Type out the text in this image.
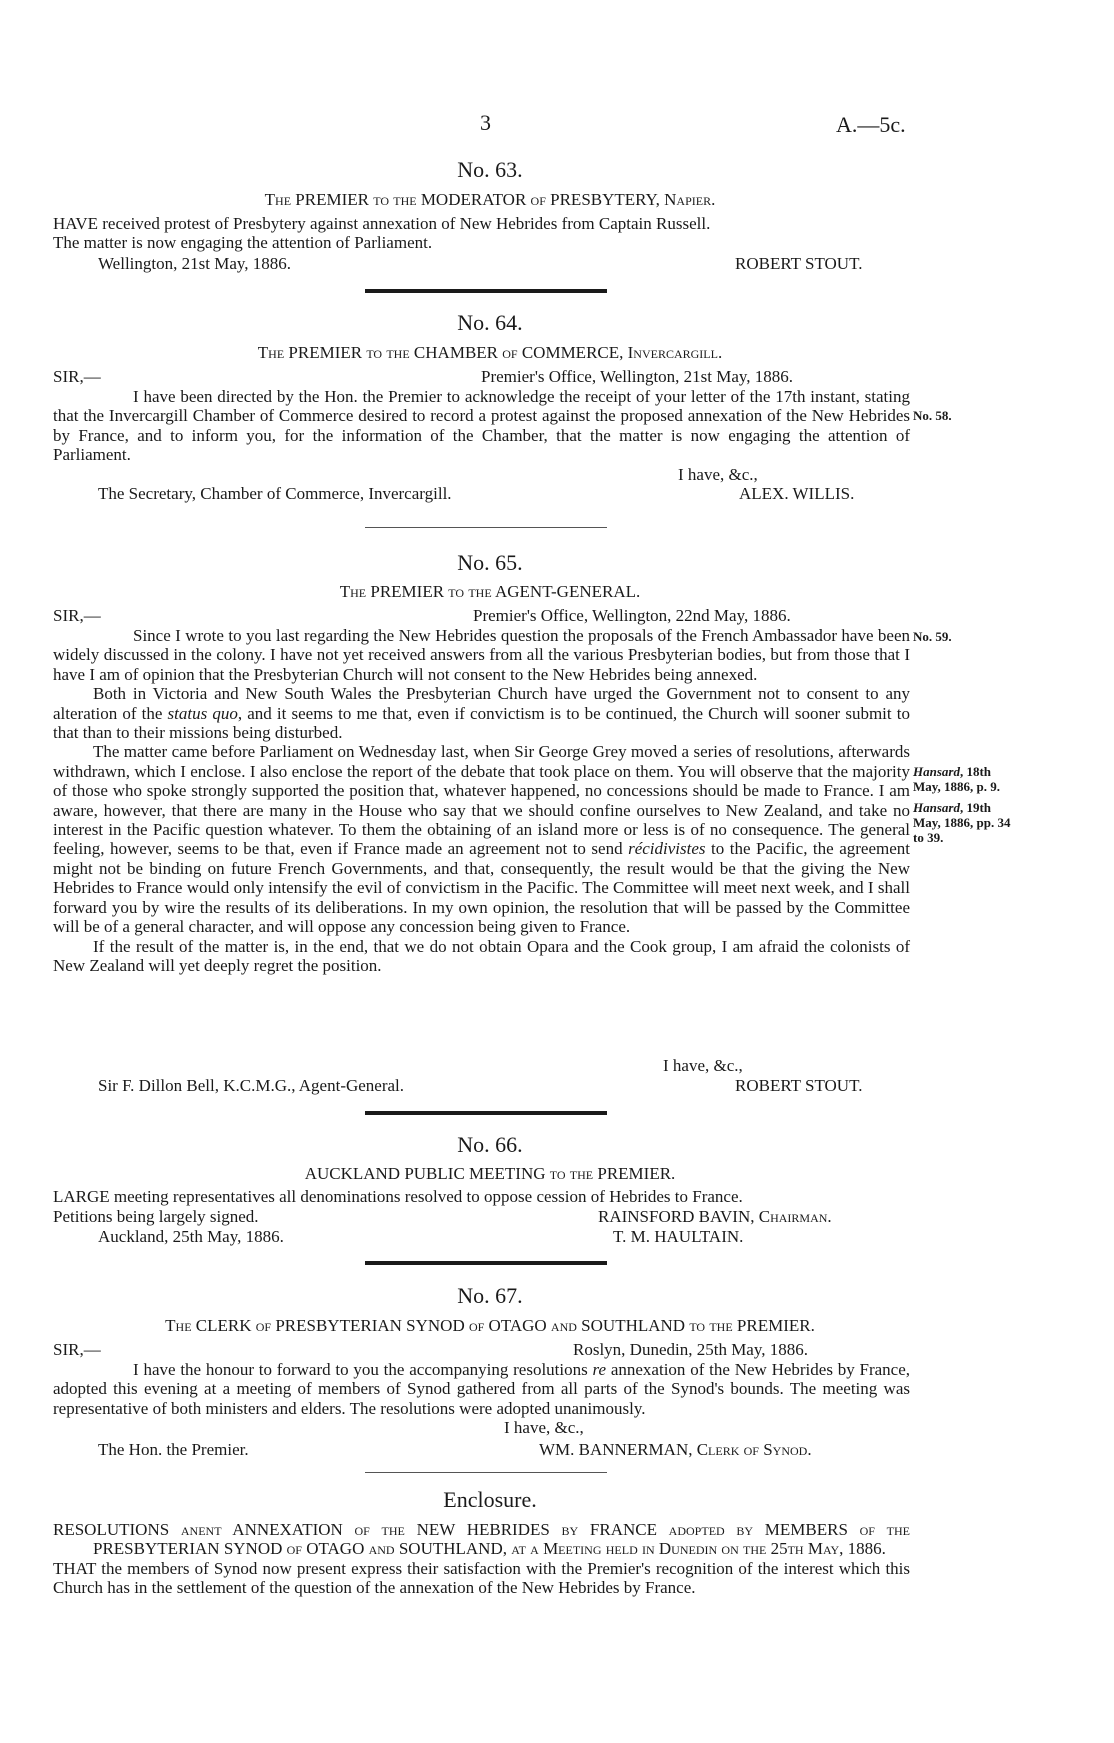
3	A.—5c.
No. 63.
The PREMIER to the MODERATOR of PRESBYTERY, Napier.

HAVE received protest of Presbytery against annexation of New Hebrides from Captain Russell.

The matter is now engaging the attention of Parliament.

Wellington, 21st May, 1886.	ROBERT STOUT.
No. 64.
The PREMIER to the CHAMBER of COMMERCE, Invercargill.
SIR,—	Premier's Office, Wellington, 21st May, 1886.

I have been directed by the Hon. the Premier to acknowledge the receipt of your letter of the 17th instant, stating that the Invercargill Chamber of Commerce desired to record a protest against the proposed annexation of the New Hebrides by France, and to inform you, for the information of the Chamber, that the matter is now engaging the attention of Parliament.

No. 58.
I have, &c.,
The Secretary, Chamber of Commerce, Invercargill.	ALEX. WILLIS.
No. 65.
The PREMIER to the AGENT-GENERAL.
SIR,—	Premier's Office, Wellington, 22nd May, 1886.

Since I wrote to you last regarding the New Hebrides question the proposals of the French Ambassador have been widely discussed in the colony. I have not yet received answers from all the various Presbyterian bodies, but from those that I have I am of opinion that the Presbyterian Church will not consent to the New Hebrides being annexed.

Both in Victoria and New South Wales the Presbyterian Church have urged the Government not to consent to any alteration of the status quo, and it seems to me that, even if convictism is to be continued, the Church will sooner submit to that than to their missions being disturbed.

The matter came before Parliament on Wednesday last, when Sir George Grey moved a series of resolutions, afterwards withdrawn, which I enclose. I also enclose the report of the debate that took place on them. You will observe that the majority of those who spoke strongly supported the position that, whatever happened, no concessions should be made to France. I am aware, however, that there are many in the House who say that we should confine ourselves to New Zealand, and take no interest in the Pacific question whatever. To them the obtaining of an island more or less is of no consequence. The general feeling, however, seems to be that, even if France made an agreement not to send récidivistes to the Pacific, the agreement might not be binding on future French Governments, and that, consequently, the result would be that the giving the New Hebrides to France would only intensify the evil of convictism in the Pacific. The Committee will meet next week, and I shall forward you by wire the results of its deliberations. In my own opinion, the resolution that will be passed by the Committee will be of a general character, and will oppose any concession being given to France.

If the result of the matter is, in the end, that we do not obtain Opara and the Cook group, I am afraid the colonists of New Zealand will yet deeply regret the position.

No. 59.
Hansard, 18th May, 1886, p. 9.
Hansard, 19th May, 1886, pp. 34 to 39.
I have, &c.,
Sir F. Dillon Bell, K.C.M.G., Agent-General.	ROBERT STOUT.
No. 66.
AUCKLAND PUBLIC MEETING to the PREMIER.

LARGE meeting representatives all denominations resolved to oppose cession of Hebrides to France.

Petitions being largely signed.	RAINSFORD BAVIN, Chairman.
Auckland, 25th May, 1886.	T. M. HAULTAIN.
No. 67.
The CLERK of PRESBYTERIAN SYNOD of OTAGO and SOUTHLAND to the PREMIER.
SIR,—	Roslyn, Dunedin, 25th May, 1886.

I have the honour to forward to you the accompanying resolutions re annexation of the New Hebrides by France, adopted this evening at a meeting of members of Synod gathered from all parts of the Synod's bounds. The meeting was representative of both ministers and elders. The resolutions were adopted unanimously.

I have, &c.,
The Hon. the Premier.	WM. BANNERMAN, Clerk of Synod.
Enclosure.

RESOLUTIONS anent ANNEXATION of the NEW HEBRIDES by FRANCE adopted by MEMBERS of the PRESBYTERIAN SYNOD of OTAGO and SOUTHLAND, at a Meeting held in Dunedin on the 25th May, 1886.

THAT the members of Synod now present express their satisfaction with the Premier's recognition of the interest which this Church has in the settlement of the question of the annexation of the New Hebrides by France.
